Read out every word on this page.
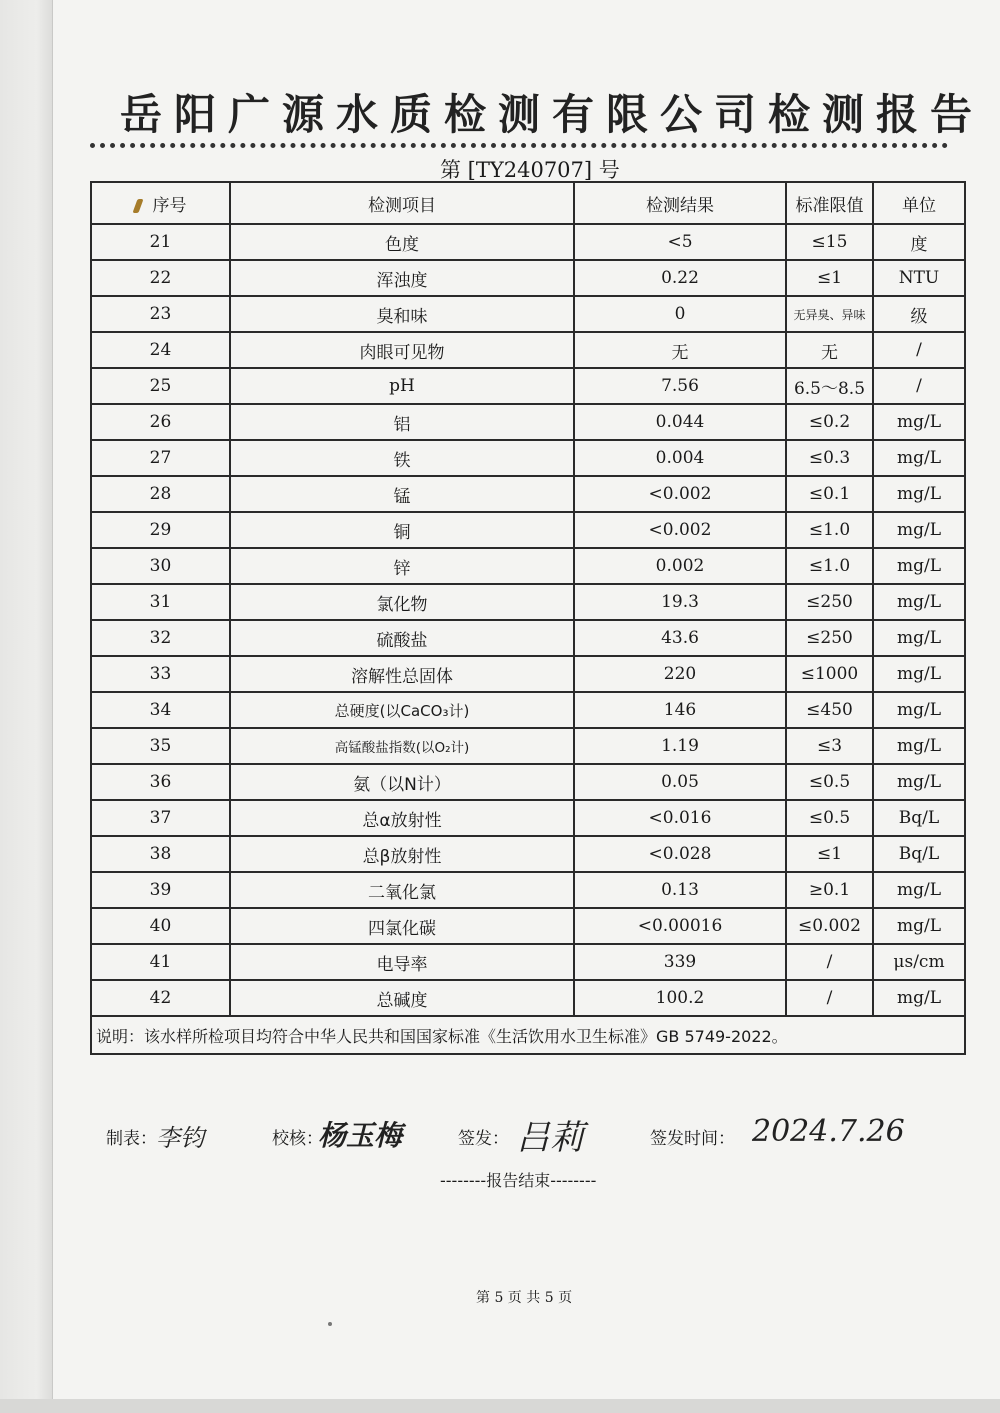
岳阳广源水质检测有限公司检测报告
第 [TY240707] 号
序号	检测项目	检测结果	标准限值	单位
21	色度	<5	≤15	度
22	浑浊度	0.22	≤1	NTU
23	臭和味	0	无异臭、异味	级
24	肉眼可见物	无	无	/
25	pH	7.56	6.5～8.5	/
26	铝	0.044	≤0.2	mg/L
27	铁	0.004	≤0.3	mg/L
28	锰	<0.002	≤0.1	mg/L
29	铜	<0.002	≤1.0	mg/L
30	锌	0.002	≤1.0	mg/L
31	氯化物	19.3	≤250	mg/L
32	硫酸盐	43.6	≤250	mg/L
33	溶解性总固体	220	≤1000	mg/L
34	总硬度(以CaCO₃计)	146	≤450	mg/L
35	高锰酸盐指数(以O₂计)	1.19	≤3	mg/L
36	氨（以N计）	0.05	≤0.5	mg/L
37	总α放射性	<0.016	≤0.5	Bq/L
38	总β放射性	<0.028	≤1	Bq/L
39	二氧化氯	0.13	≥0.1	mg/L
40	四氯化碳	<0.00016	≤0.002	mg/L
41	电导率	339	/	μs/cm
42	总碱度	100.2	/	mg/L
说明：该水样所检项目均符合中华人民共和国国家标准《生活饮用水卫生标准》GB 5749-2022。				
制表： 李钧	校核：
杨玉梅	签发： 吕莉	签发时间： 2024.7.26
--------报告结束--------
第 5 页 共 5 页
